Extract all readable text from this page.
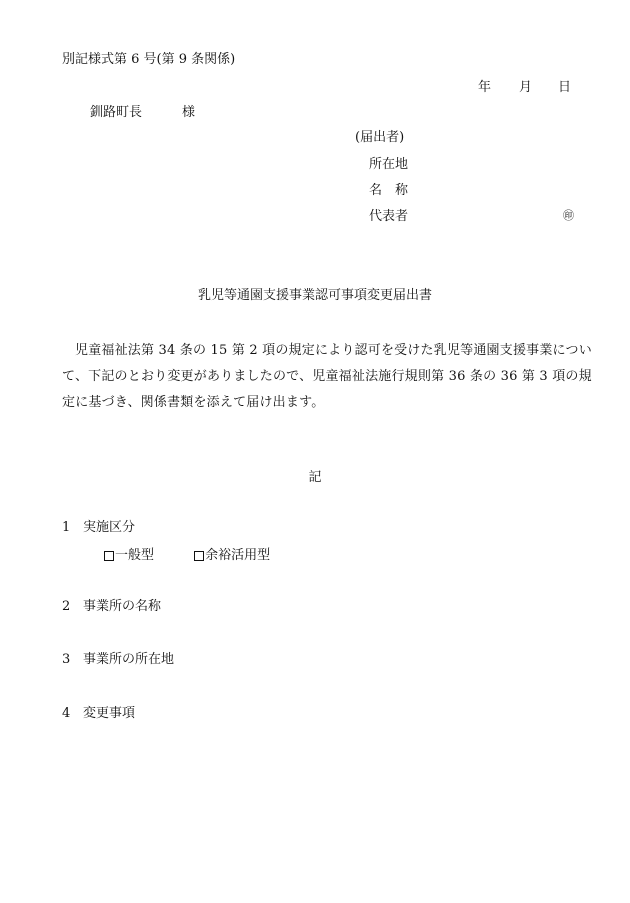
別記様式第 6 号(第 9 条関係)
年 月 日
釧路町長	様
(届出者)
所在地
名　称
代表者	㊞
乳児等通園支援事業認可事項変更届出書
児童福祉法第 34 条の 15 第 2 項の規定により認可を受けた乳児等通園支援事業について、下記のとおり変更がありましたので、児童福祉法施行規則第 36 条の 36 第 3 項の規定に基づき、関係書類を添えて届け出ます。
記
1 実施区分
一般型
	余裕活用型
2 事業所の名称
3 事業所の所在地
4 変更事項
